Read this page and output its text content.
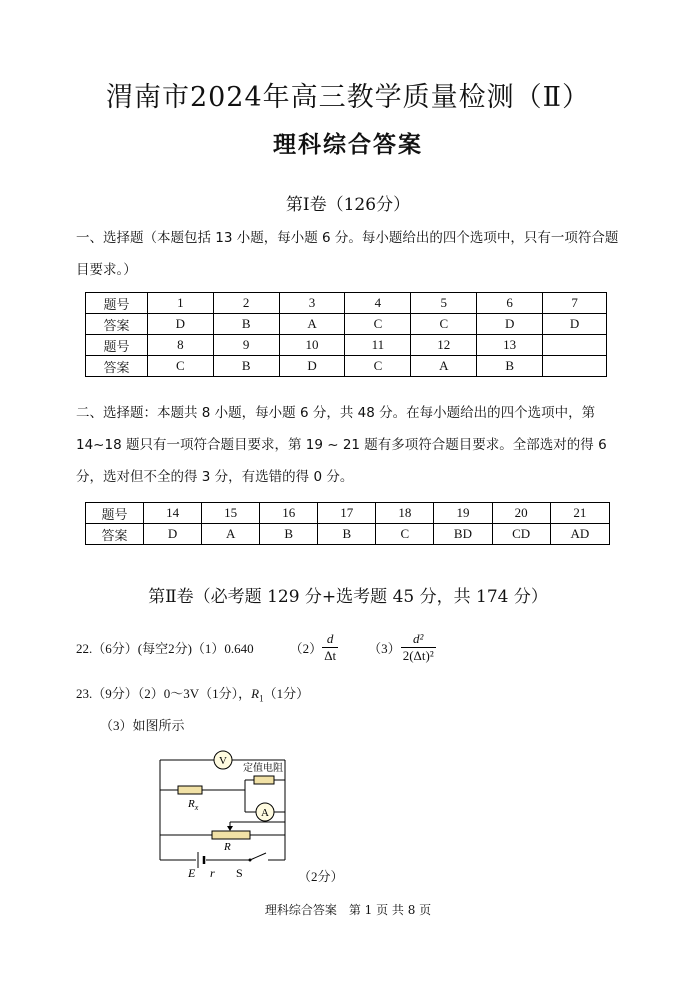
渭南市2024年高三教学质量检测（Ⅱ）
理科综合答案
第Ⅰ卷（126分）
一、选择题（本题包括 13 小题，每小题 6 分。每小题给出的四个选项中，只有一项符合题目要求。）
题号	1	2	3	4	5	6	7
答案	D	B	A	C	C	D	D
题号	8	9	10	11	12	13	
答案	C	B	D	C	A	B	
二、选择题：本题共 8 小题，每小题 6 分，共 48 分。在每小题给出的四个选项中，第 14~18 题只有一项符合题目要求，第 19 ~ 21 题有多项符合题目要求。全部选对的得 6 分，选对但不全的得 3 分，有选错的得 0 分。
题号	14	15	16	17	18	19	20	21
答案	D	A	B	B	C	BD	CD	AD
第Ⅱ卷（必考题 129 分+选考题 45 分，共 174 分）
22.（6分）(每空2分)（1）0.640	$(2) \frac{d}{\Delta t} (3) \frac{\text{d²}}{\text{2(Δt)²}}$
23.（9分）（2）0～3V（1分），$R_1(1$分）
（3）如图所示
V
$R_x$
定值电阻
A
R
E r S	（2分）
理科综合答案　第 1 页 共 8 页
